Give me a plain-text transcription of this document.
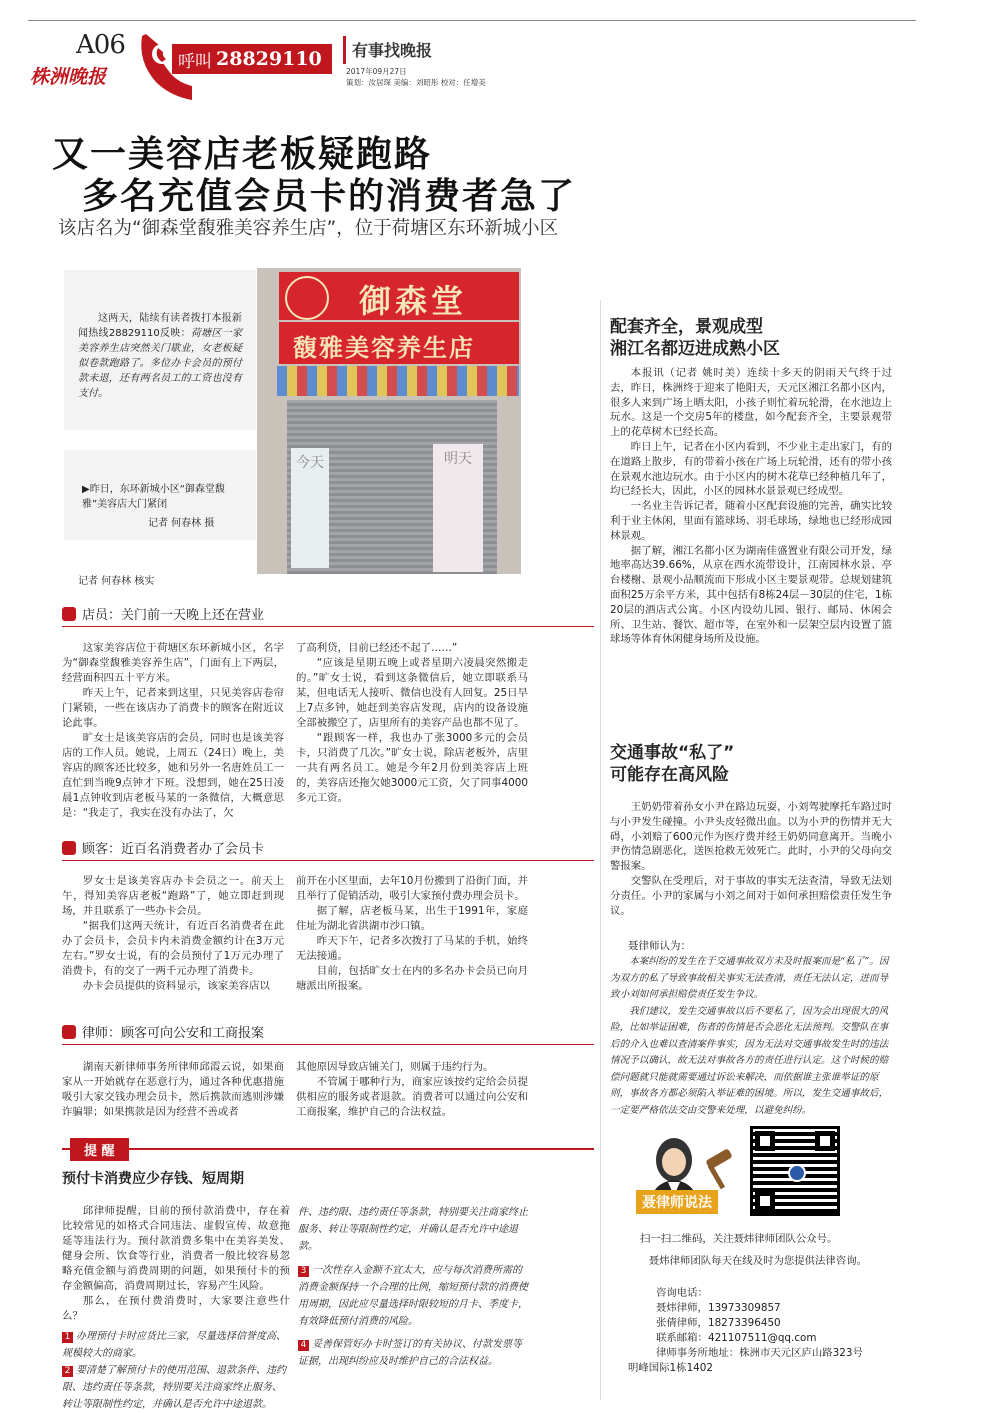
A06
株洲晚报
呼叫 28829110 有事找晚报
2017年09月27日
策划：汝居琛 美编：刘昭彤 校对：任增美
又一美容店老板疑跑路
多名充值会员卡的消费者急了
该店名为“御森堂馥雅美容养生店”，位于荷塘区东环新城小区
这两天，陆续有读者拨打本报新闻热线28829110反映：荷塘区一家美容养生店突然关门歇业，女老板疑似卷款跑路了。多位办卡会员的预付款未退，还有两名员工的工资也没有支付。
▶昨日，东环新城小区“御森堂馥雅”美容店大门紧闭
记者 何春林 摄
记者 何春林 核实
御森堂
馥雅美容养生店
今天	明天
店员：关门前一天晚上还在营业

这家美容店位于荷塘区东环新城小区，名字为“御森堂馥雅美容养生店”，门面有上下两层，经营面积四五十平方米。

昨天上午，记者来到这里，只见美容店卷帘门紧锁，一些在该店办了消费卡的顾客在附近议论此事。

旷女士是该美容店的会员，同时也是该美容店的工作人员。她说，上周五（24日）晚上，美容店的顾客还比较多，她和另外一名唐姓员工一直忙到当晚9点钟才下班。没想到，她在25日凌晨1点钟收到店老板马某的一条微信，大概意思是：“我走了，我实在没有办法了，欠

了高利贷，目前已经还不起了……”

“应该是星期五晚上或者星期六凌晨突然搬走的。”旷女士说，看到这条微信后，她立即联系马某，但电话无人接听、微信也没有人回复。25日早上7点多钟，她赶到美容店发现，店内的设备设施全部被搬空了，店里所有的美容产品也都不见了。

“跟顾客一样，我也办了张3000多元的会员卡，只消费了几次。”旷女士说，除店老板外，店里一共有两名员工。她是今年2月份到美容店上班的，美容店还拖欠她3000元工资，欠了同事4000多元工资。

顾客：近百名消费者办了会员卡

罗女士是该美容店办卡会员之一。前天上午，得知美容店老板“跑路”了，她立即赶到现场，并且联系了一些办卡会员。

“据我们这两天统计，有近百名消费者在此办了会员卡，会员卡内未消费金额约计在3万元左右。”罗女士说，有的会员预付了1万元办理了消费卡，有的交了一两千元办理了消费卡。

办卡会员提供的资料显示，该家美容店以

前开在小区里面，去年10月份搬到了沿街门面，并且举行了促销活动，吸引大家预付费办理会员卡。

据了解，店老板马某，出生于1991年，家庭住址为湖北省洪湖市沙口镇。

昨天下午，记者多次拨打了马某的手机，始终无法接通。

目前，包括旷女士在内的多名办卡会员已向月塘派出所报案。

律师：顾客可向公安和工商报案

湖南天新律师事务所律师邱霞云说，如果商家从一开始就存在恶意行为，通过各种优惠措施吸引大家交钱办理会员卡，然后携款而逃则涉嫌诈骗罪；如果携款是因为经营不善或者

其他原因导致店铺关门，则属于违约行为。

不管属于哪种行为，商家应该按约定给会员提供相应的服务或者退款。消费者可以通过向公安和工商报案，维护自己的合法权益。

提 醒
预付卡消费应少存钱、短周期

邱律师提醒，目前的预付款消费中，存在着比较常见的如格式合同违法、虚假宣传、故意拖延等违法行为。预付款消费多集中在美容美发、健身会所、饮食等行业，消费者一般比较容易忽略充值金额与消费周期的问题，如果预付卡的预存金额偏高，消费周期过长，容易产生风险。

那么，在预付费消费时，大家要注意些什么？

1 办理预付卡时应货比三家，尽量选择信誉度高、规模较大的商家。

2 要清楚了解预付卡的使用范围、退款条件、违约限、违约责任等条款，特别要关注商家终止服务、转让等限制性约定，并确认是否允许中途退款。

件、违约限、违约责任等条款，特别要关注商家终止服务、转让等限制性约定，并确认是否允许中途退款。

3 一次性存入金额不宜太大，应与每次消费所需的消费金额保持一个合理的比例，缩短预付款的消费使用周期，因此应尽量选择时限较短的月卡、季度卡，有效降低预付消费的风险。

4 妥善保管好办卡时签订的有关协议、付款发票等证据，出现纠纷应及时维护自己的合法权益。

配套齐全，景观成型
湘江名都迈进成熟小区

本报讯（记者 姚时美）连续十多天的阴雨天气终于过去，昨日，株洲终于迎来了艳阳天，天元区湘江名都小区内，很多人来到广场上晒太阳，小孩子则忙着玩轮滑，在水池边上玩水。这是一个交房5年的楼盘，如今配套齐全，主要景观带上的花草树木已经长高。

昨日上午，记者在小区内看到，不少业主走出家门，有的在道路上散步，有的带着小孩在广场上玩轮滑，还有的带小孩在景观水池边玩水。由于小区内的树木花草已经种植几年了，均已经长大，因此，小区的园林水景景观已经成型。

一名业主告诉记者，随着小区配套设施的完善，确实比较利于业主休闲，里面有篮球场、羽毛球场，绿地也已经形成园林景观。

据了解，湘江名都小区为湖南佳盛置业有限公司开发，绿地率高达39.66%，从京在西水流带设计，江南园林水景、亭台楼榭、景观小品顺流而下形成小区主要景观带。总规划建筑面积25万余平方米，其中包括有8栋24层－30层的住宅，1栋20层的酒店式公寓。小区内设幼儿园、银行、邮局、休闲会所、卫生站、餐饮、超市等，在室外和一层架空层内设置了篮球场等体育休闲健身场所及设施。

交通事故“私了”
可能存在高风险

王奶奶带着孙女小尹在路边玩耍，小刘驾驶摩托车路过时与小尹发生碰撞。小尹头皮轻微出血。以为小尹的伤情并无大碍，小刘赔了600元作为医疗费并经王奶奶同意离开。当晚小尹伤情急剧恶化，送医抢救无效死亡。此时，小尹的父母向交警报案。

交警队在受理后，对于事故的事实无法查清，导致无法划分责任。小尹的家属与小刘之间对于如何承担赔偿责任发生争议。

聂律师认为：

本案纠纷的发生在于交通事故双方未及时报案而是“私了”。因为双方的私了导致事故相关事实无法查清，责任无法认定，进而导致小刘如何承担赔偿责任发生争议。

我们建议，发生交通事故以后不要私了，因为会出现很大的风险，比如举证困难，伤者的伤情是否会恶化无法预判。交警队在事后的介入也难以查清案件事实，因为无法对交通事故发生时的违法情况予以确认，故无法对事故各方的责任进行认定。这个时候的赔偿问题就只能就需要通过诉讼来解决，而依据谁主张谁举证的原则，事故各方都必须陷入举证难的困境。所以，发生交通事故后，一定要严格依法交由交警来处理，以避免纠纷。

聂律师说法
扫一扫二维码，关注聂炜律师团队公众号。

聂炜律师团队每天在线及时为您提供法律咨询。

咨询电话：
聂炜律师，13973309857
张倩律师，18273396450
联系邮箱：421107511@qq.com
律师事务所地址：株洲市天元区庐山路323号明峰国际1栋1402
